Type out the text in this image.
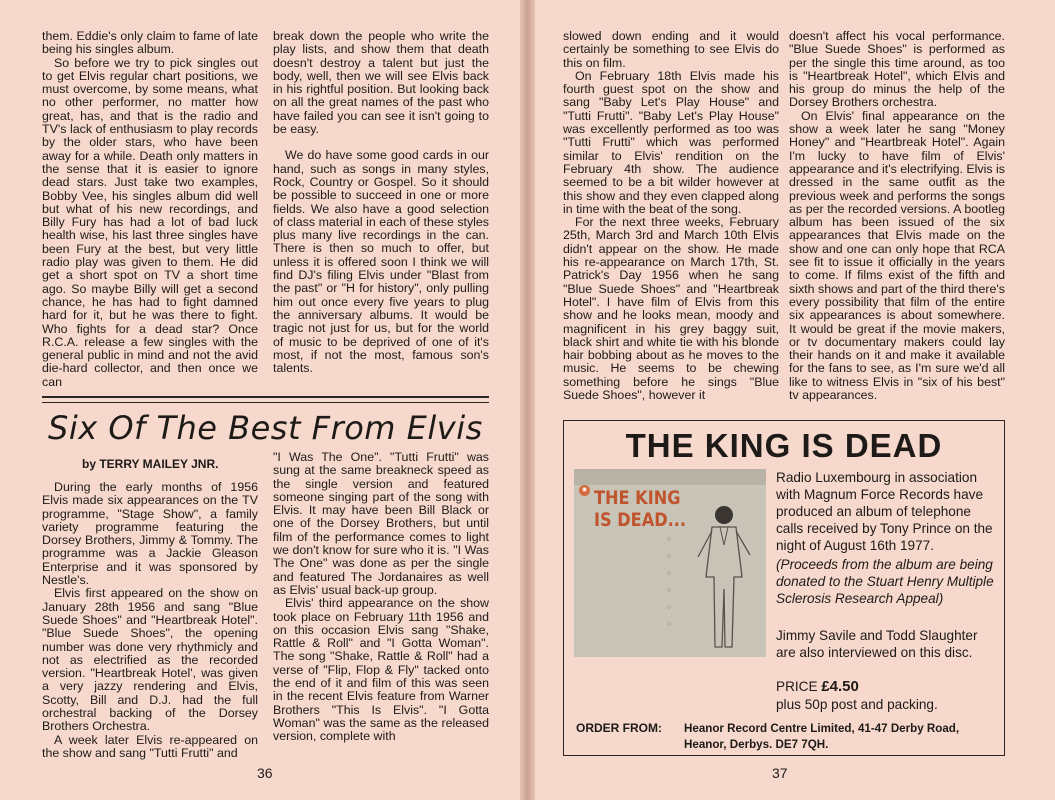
them. Eddie's only claim to fame of late being his singles album.

So before we try to pick singles out to get Elvis regular chart positions, we must overcome, by some means, what no other performer, no matter how great, has, and that is the radio and TV's lack of enthusiasm to play records by the older stars, who have been away for a while. Death only matters in the sense that it is easier to ignore dead stars. Just take two examples, Bobby Vee, his singles album did well but what of his new recordings, and Billy Fury has had a lot of bad luck health wise, his last three singles have been Fury at the best, but very little radio play was given to them. He did get a short spot on TV a short time ago. So maybe Billy will get a second chance, he has had to fight damned hard for it, but he was there to fight. Who fights for a dead star? Once R.C.A. release a few singles with the general public in mind and not the avid die-hard collector, and then once we can

break down the people who write the play lists, and show them that death doesn't destroy a talent but just the body, well, then we will see Elvis back in his rightful position. But looking back on all the great names of the past who have failed you can see it isn't going to be easy.

We do have some good cards in our hand, such as songs in many styles, Rock, Country or Gospel. So it should be possible to succeed in one or more fields. We also have a good selection of class material in each of these styles plus many live recordings in the can. There is then so much to offer, but unless it is offered soon I think we will find DJ's filing Elvis under "Blast from the past" or "H for history", only pulling him out once every five years to plug the anniversary albums. It would be tragic not just for us, but for the world of music to be deprived of one of it's most, if not the most, famous son's talents.

Six Of The Best From Elvis
by TERRY MAILEY JNR.

During the early months of 1956 Elvis made six appearances on the TV programme, "Stage Show", a family variety programme featuring the Dorsey Brothers, Jimmy & Tommy. The programme was a Jackie Gleason Enterprise and it was sponsored by Nestle's.

Elvis first appeared on the show on January 28th 1956 and sang "Blue Suede Shoes" and "Heartbreak Hotel". "Blue Suede Shoes", the opening number was done very rhythmicly and not as electrified as the recorded version. "Heartbreak Hotel', was given a very jazzy rendering and Elvis, Scotty, Bill and D.J. had the full orchestral backing of the Dorsey Brothers Orchestra.

A week later Elvis re-appeared on the show and sang "Tutti Frutti" and

"I Was The One". "Tutti Frutti" was sung at the same breakneck speed as the single version and featured someone singing part of the song with Elvis. It may have been Bill Black or one of the Dorsey Brothers, but until film of the performance comes to light we don't know for sure who it is. "I Was The One" was done as per the single and featured The Jordanaires as well as Elvis' usual back-up group.

Elvis' third appearance on the show took place on February 11th 1956 and on this occasion Elvis sang "Shake, Rattle & Roll" and "I Gotta Woman". The song "Shake, Rattle & Roll" had a verse of "Flip, Flop & Fly" tacked onto the end of it and film of this was seen in the recent Elvis feature from Warner Brothers "This Is Elvis". "I Gotta Woman" was the same as the released version, complete with

36

slowed down ending and it would certainly be something to see Elvis do this on film.

On February 18th Elvis made his fourth guest spot on the show and sang "Baby Let's Play House" and "Tutti Frutti". "Baby Let's Play House" was excellently performed as too was "Tutti Frutti" which was performed similar to Elvis' rendition on the February 4th show. The audience seemed to be a bit wilder however at this show and they even clapped along in time with the beat of the song.

For the next three weeks, February 25th, March 3rd and March 10th Elvis didn't appear on the show. He made his re-appearance on March 17th, St. Patrick's Day 1956 when he sang "Blue Suede Shoes" and "Heartbreak Hotel". I have film of Elvis from this show and he looks mean, moody and magnificent in his grey baggy suit, black shirt and white tie with his blonde hair bobbing about as he moves to the music. He seems to be chewing something before he sings "Blue Suede Shoes", however it

doesn't affect his vocal performance. "Blue Suede Shoes" is performed as per the single this time around, as too is "Heartbreak Hotel", which Elvis and his group do minus the help of the Dorsey Brothers orchestra.

On Elvis' final appearance on the show a week later he sang "Money Honey" and "Heartbreak Hotel". Again I'm lucky to have film of Elvis' appearance and it's electrifying. Elvis is dressed in the same outfit as the previous week and performs the songs as per the recorded versions. A bootleg album has been issued of the six appearances that Elvis made on the show and one can only hope that RCA see fit to issue it officially in the years to come. If films exist of the fifth and sixth shows and part of the third there's every possibility that film of the entire six appearances is about somewhere. It would be great if the movie makers, or tv documentary makers could lay their hands on it and make it available for the fans to see, as I'm sure we'd all like to witness Elvis in "six of his best" tv appearances.

THE KING IS DEAD
◉ THE KING
IS DEAD...
○
○
○
○
○
○
Radio Luxembourg in association with Magnum Force Records have produced an album of telephone calls received by Tony Prince on the night of August 16th 1977.
(Proceeds from the album are being donated to the Stuart Henry Multiple Sclerosis Research Appeal)
Jimmy Savile and Todd Slaughter are also interviewed on this disc.
PRICE £4.50
plus 50p post and packing.
ORDER FROM: Heanor Record Centre Limited, 41-47 Derby Road,
Heanor, Derbys. DE7 7QH.
37
